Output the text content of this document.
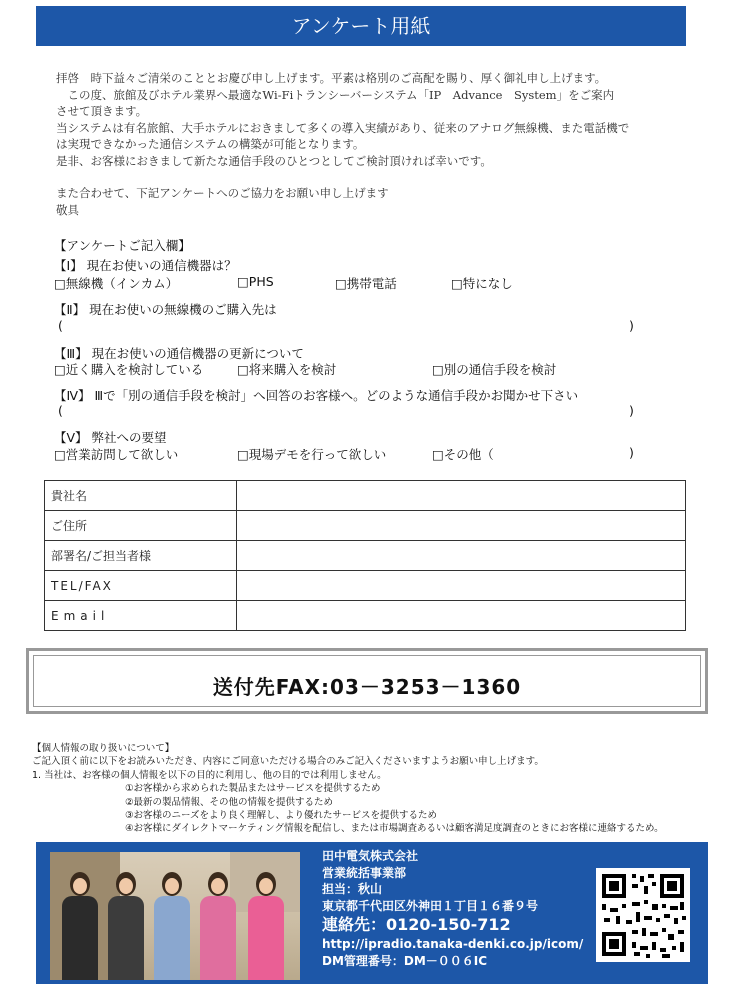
アンケート用紙

拝啓　時下益々ご清栄のこととお慶び申し上げます。平素は格別のご高配を賜り、厚く御礼申し上げます。

　この度、旅館及びホテル業界へ最適なWi-Fiトランシーバーシステム「IP　Advance　System」をご案内

させて頂きます。

当システムは有名旅館、大手ホテルにおきまして多くの導入実績があり、従来のアナログ無線機、また電話機で

は実現できなかった通信システムの構築が可能となります。

是非、お客様におきまして新たな通信手段のひとつとしてご検討頂ければ幸いです。

また合わせて、下記アンケートへのご協力をお願い申し上げます

敬具

【アンケートご記入欄】
【Ⅰ】 現在お使いの通信機器は？
□無線機（インカム）	□PHS	□携帯電話	□特になし
【Ⅱ】 現在お使いの無線機のご購入先は
(	)
【Ⅲ】 現在お使いの通信機器の更新について
□近く購入を検討している	□将来購入を検討	□別の通信手段を検討
【Ⅳ】 Ⅲで「別の通信手段を検討」へ回答のお客様へ。どのような通信手段かお聞かせ下さい
(	)
【Ⅴ】 弊社への要望
□営業訪問して欲しい	□現場デモを行って欲しい	□その他（	)
貴社名	
ご住所	
部署名/ご担当者様	
TEL/FAX	
Email	
送付先FAX:03－3253－1360

【個人情報の取り扱いについて】

ご記入頂く前に以下をお読みいただき、内容にご同意いただける場合のみご記入くださいますようお願い申し上げます。

1. 当社は、お客様の個人情報を以下の目的に利用し、他の目的では利用しません。

①お客様から求められた製品またはサービスを提供するため

②最新の製品情報、その他の情報を提供するため

③お客様のニーズをより良く理解し、より優れたサービスを提供するため

④お客様にダイレクトマーケティング情報を配信し、または市場調査あるいは顧客満足度調査のときにお客様に連絡するため。

田中電気株式会社

営業統括事業部

担当：秋山

東京都千代田区外神田１丁目１６番９号

連絡先：0120-150-712

http://ipradio.tanaka-denki.co.jp/icom/

DM管理番号：DM－００６IC
